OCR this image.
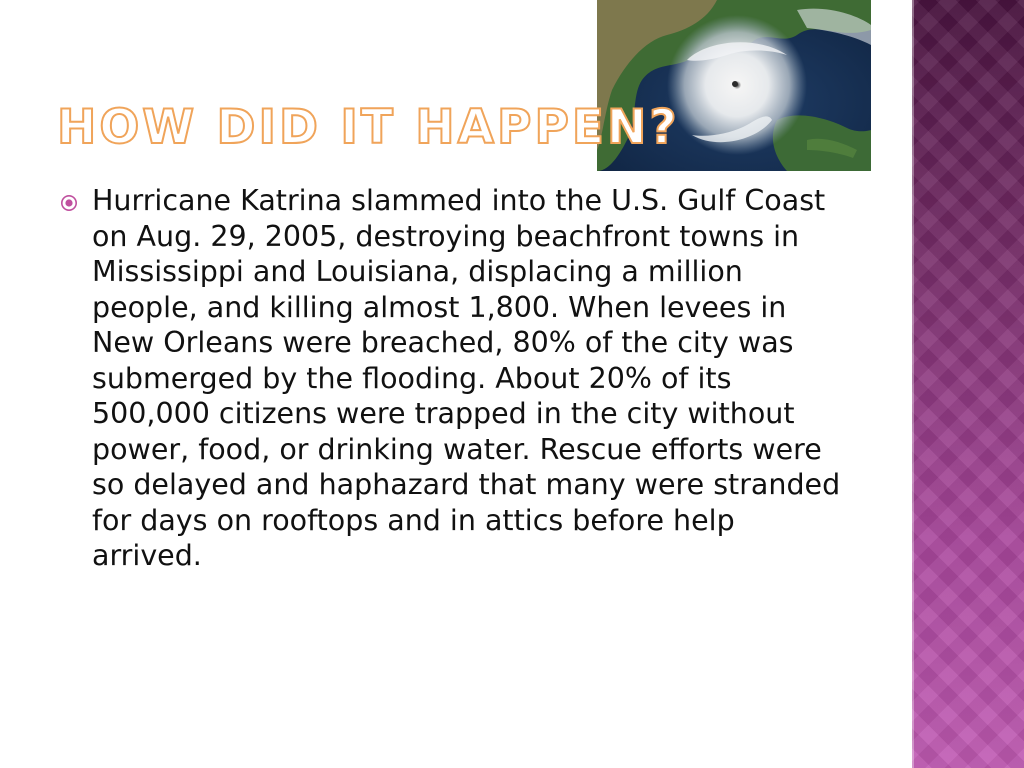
HOW DID IT HAPPEN?
Hurricane Katrina slammed into the U.S. Gulf Coast on Aug. 29, 2005, destroying beachfront towns in Mississippi and Louisiana, displacing a million people, and killing almost 1,800. When levees in New Orleans were breached, 80% of the city was submerged by the flooding. About 20% of its 500,000 citizens were trapped in the city without power, food, or drinking water. Rescue efforts were so delayed and haphazard that many were stranded for days on rooftops and in attics before help arrived.
